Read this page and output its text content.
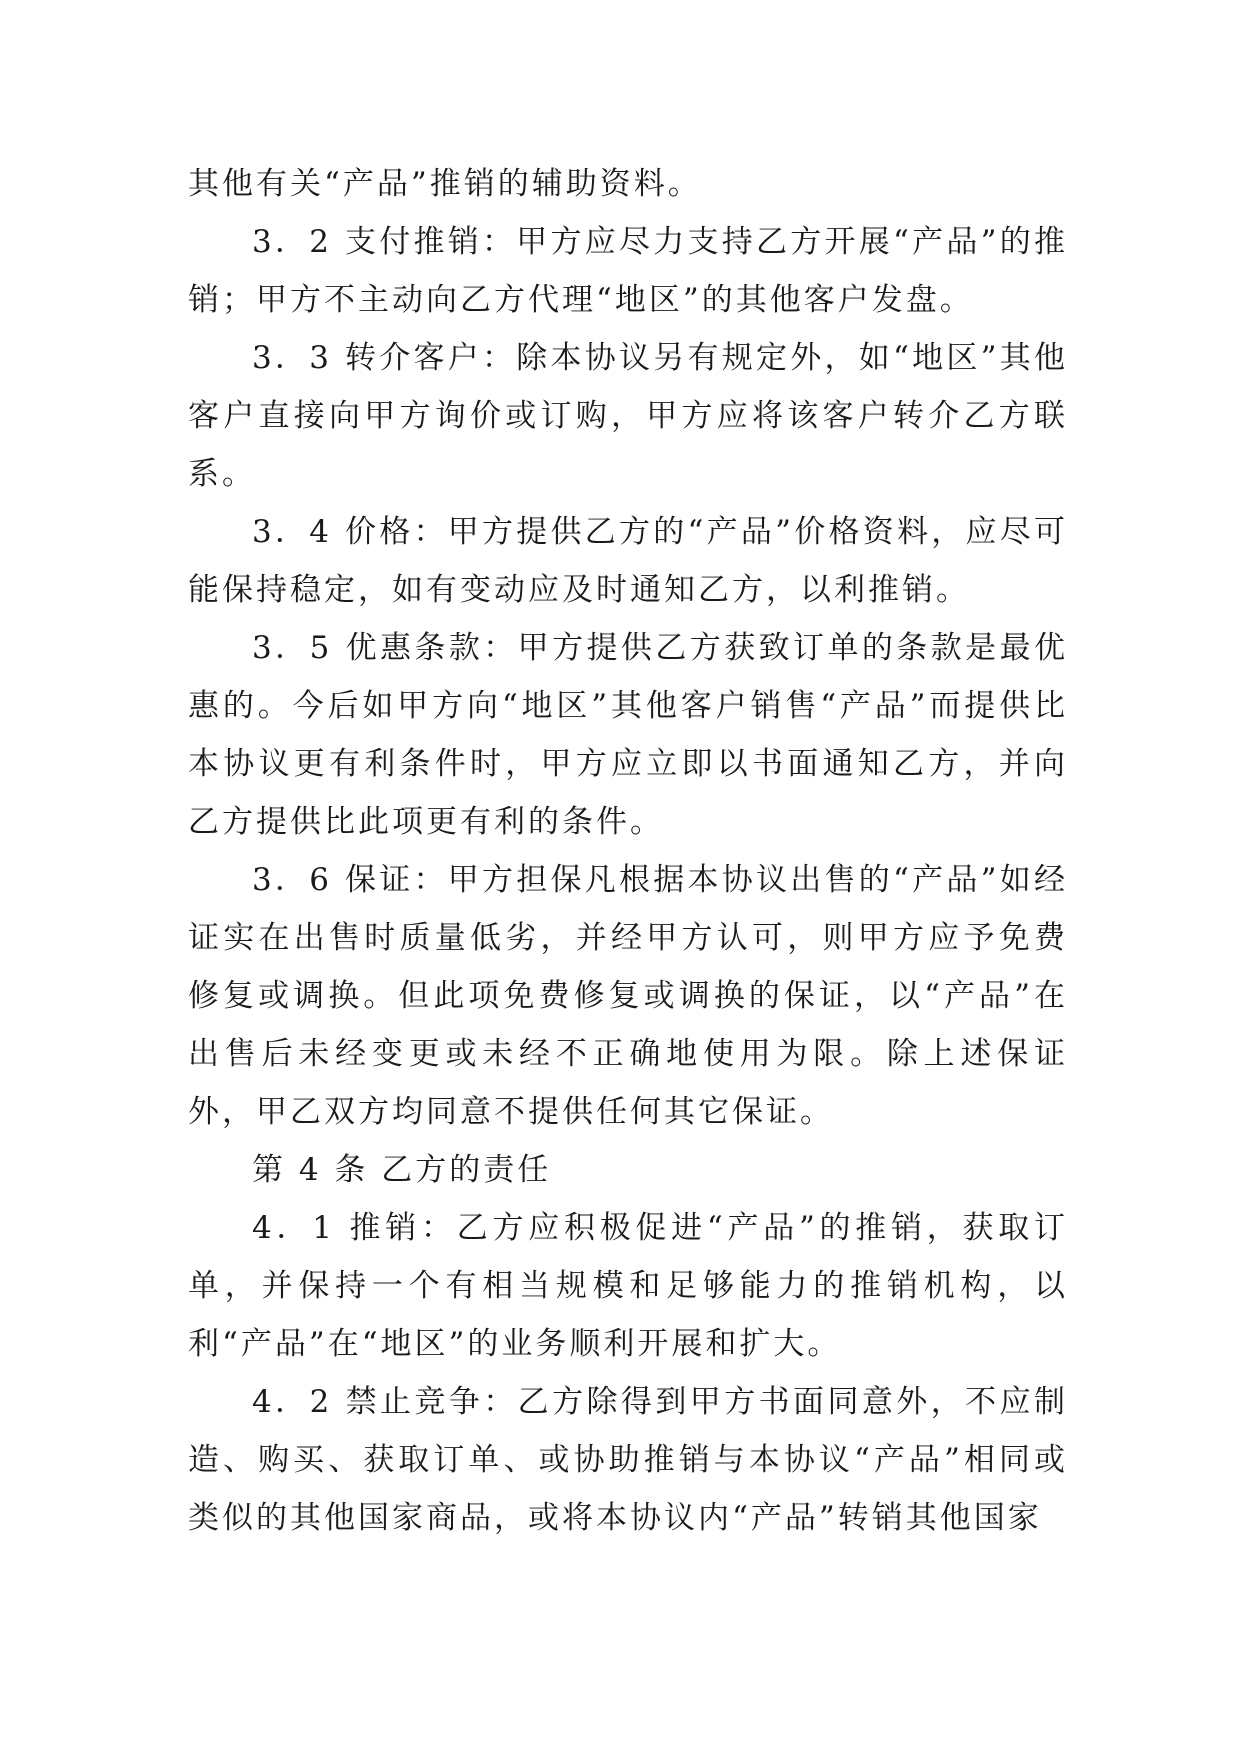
其他有关“产品”推销的辅助资料。

3．2 支付推销：甲方应尽力支持乙方开展“产品”的推销；甲方不主动向乙方代理“地区”的其他客户发盘。

3．3 转介客户：除本协议另有规定外，如“地区”其他客户直接向甲方询价或订购，甲方应将该客户转介乙方联系。

3．4 价格：甲方提供乙方的“产品”价格资料，应尽可能保持稳定，如有变动应及时通知乙方，以利推销。

3．5 优惠条款：甲方提供乙方获致订单的条款是最优惠的。今后如甲方向“地区”其他客户销售“产品”而提供比本协议更有利条件时，甲方应立即以书面通知乙方，并向乙方提供比此项更有利的条件。

3．6 保证：甲方担保凡根据本协议出售的“产品”如经证实在出售时质量低劣，并经甲方认可，则甲方应予免费修复或调换。但此项免费修复或调换的保证，以“产品”在出售后未经变更或未经不正确地使用为限。除上述保证外，甲乙双方均同意不提供任何其它保证。

第 4 条 乙方的责任

4．1 推销：乙方应积极促进“产品”的推销，获取订单，并保持一个有相当规模和足够能力的推销机构，以利“产品”在“地区”的业务顺利开展和扩大。

4．2 禁止竞争：乙方除得到甲方书面同意外，不应制造、购买、获取订单、或协助推销与本协议“产品”相同或类似的其他国家商品，或将本协议内“产品”转销其他国家
